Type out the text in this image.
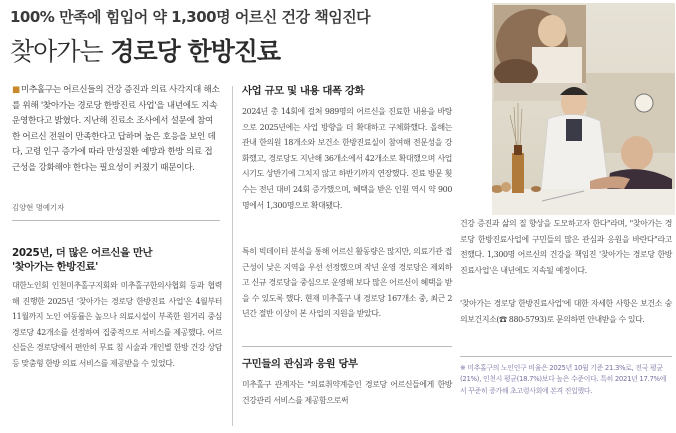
100% 만족에 힘입어 약 1,300명 어르신 건강 책임진다
찾아가는 경로당 한방진료
■미추홀구는 어르신들의 건강 증진과 의료 사각지대 해소를 위해 '찾아가는 경로당 한방진료 사업'을 내년에도 지속 운영한다고 밝혔다. 지난해 진료소 조사에서 설문에 참여한 어르신 전원이 만족한다고 답하며 높은 호응을 보인 데다, 고령 인구 증가에 따라 만성질환 예방과 한방 의료 접근성을 강화해야 한다는 필요성이 커졌기 때문이다.
김양현 명예기자
2025년, 더 많은 어르신을 만난
'찾아가는 한방진료'
대한노인회 인천미추홀구지회와 미추홀구한의사협회 등과 협력해 진행한 2025년 '찾아가는 경로당 한방진료 사업'은 4월부터 11월까지 노인 여동률은 높으나 의료시설이 부족한 원거리 중심 경로당 42개소를 선정하여 집중적으로 서비스를 제공했다. 어르신들은 경로당에서 편안히 무료 침 시술과 개인별 한방 건강 상담 등 맞춤형 한방 의료 서비스를 제공받을 수 있었다.
사업 규모 및 내용 대폭 강화
2024년 총 14회에 걸쳐 989명의 어르신을 진료한 내용을 바탕으로 2025년에는 사업 방향을 더 확대하고 구체화했다. 올해는 관내 한의원 18개소와 보건소 한방진료실이 참여해 전문성을 강화했고, 경로당도 지난해 36개소에서 42개소로 확대했으며 사업 시기도 상반기에 그치지 않고 하반기까지 연장했다. 진료 방문 횟수는 전년 대비 24회 증가했으며, 혜택을 받은 인원 역시 약 900명에서 1,300명으로 확대됐다.
특히 빅데이터 분석을 통해 어르신 활동량은 많지만, 의료기관 접근성이 낮은 지역을 우선 선정했으며 작년 운영 경로당은 제외하고 신규 경로당을 중심으로 운영해 보다 많은 어르신이 혜택을 받을 수 있도록 했다. 현재 미추홀구 내 경로당 167개소 중, 최근 2년간 절반 이상이 본 사업의 지원을 받았다.
구민들의 관심과 응원 당부
미추홀구 관계자는 "의료취약계층인 경로당 어르신들에게 한방 건강관리 서비스를 제공함으로써
건강 증진과 삶의 질 향상을 도모하고자 한다"라며, "찾아가는 경로당 한방진료사업에 구민들의 많은 관심과 응원을 바란다"라고 전했다. 1,300명 어르신의 건강을 책임진 '찾아가는 경로당 한방진료사업'은 내년에도 지속될 예정이다.
'찾아가는 경로당 한방진료사업'에 대한 자세한 사항은 보건소 숭의보건지소(☎ 880-5793)로 문의하면 안내받을 수 있다.
※ 미추홀구의 노인인구 비율은 2025년 10월 기준 21.3%로, 전국 평균(21%), 인천시 평균(18.7%)보다 높은 수준이다. 특히 2021년 17.7%에서 꾸준히 증가해 초고령사회에 본격 진입했다.
